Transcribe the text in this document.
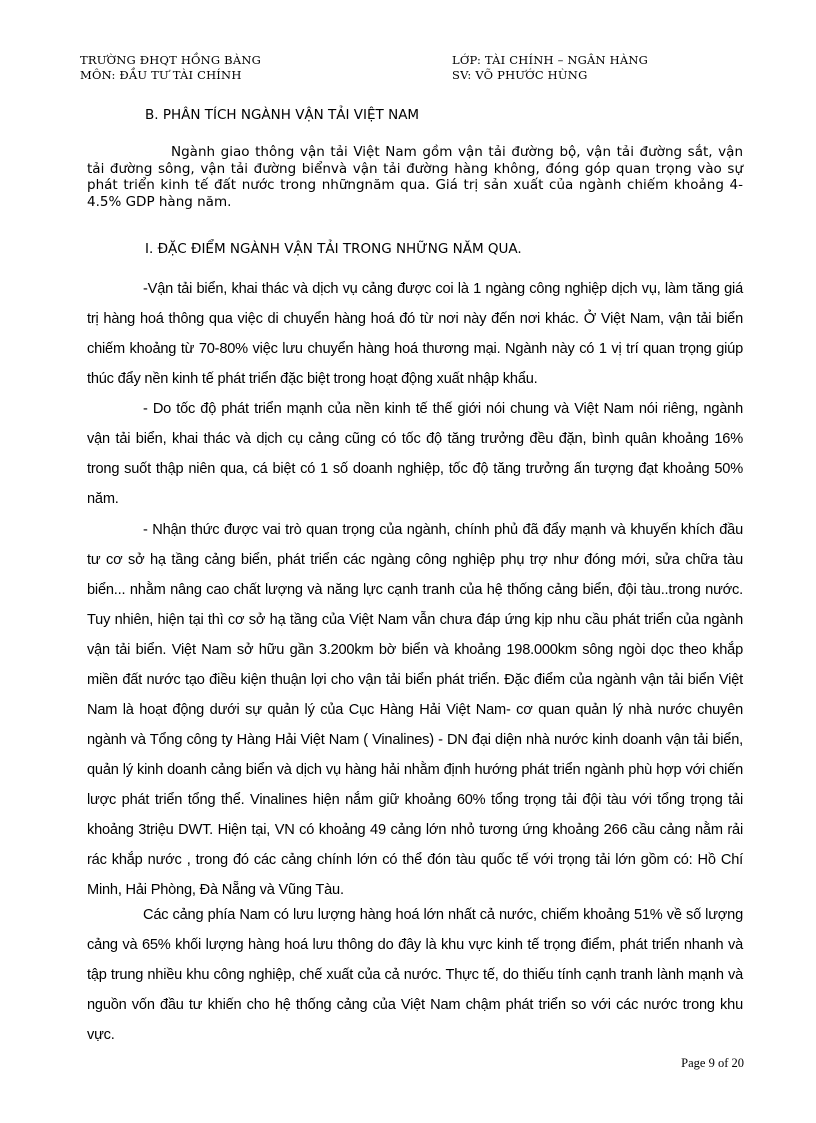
TRƯỜNG ĐHQT HỒNG BÀNG
MÔN: ĐẦU TƯ TÀI CHÍNH
LỚP: TÀI CHÍNH – NGÂN HÀNG
SV: VÕ PHƯỚC HÙNG
B. PHÂN TÍCH NGÀNH VẬN TẢI VIỆT NAM

Ngành giao thông vận tải Việt Nam gồm vận tải đường bộ, vận tải đường sắt, vận tải đường sông, vận tải đường biểnvà vận tải đường hàng không, đóng góp quan trọng vào sự phát triển kinh tế đất nước trong nhữngnăm qua. Giá trị sản xuất của ngành chiếm khoảng 4- 4.5% GDP hàng năm.

I. ĐẶC ĐIỂM NGÀNH VẬN TẢI TRONG NHỮNG NĂM QUA.

-Vận tải biển, khai thác và dịch vụ cảng được coi là 1 ngàng công nghiệp dịch vụ, làm tăng giá trị hàng hoá thông qua việc di chuyển hàng hoá đó từ nơi này đến nơi khác. Ở Việt Nam, vận tải biển chiếm khoảng từ 70-80% việc lưu chuyển hàng hoá thương mại. Ngành này có 1 vị trí quan trọng giúp thúc đẩy nền kinh tế phát triển đặc biệt trong hoạt động xuất nhập khẩu.

- Do tốc độ phát triển mạnh của nền kinh tế thế giới nói chung và Việt Nam nói riêng, ngành vận tải biển, khai thác và dịch cụ cảng cũng có tốc độ tăng trưởng đều đặn, bình quân khoảng 16% trong suốt thập niên qua, cá biệt có 1 số doanh nghiệp, tốc độ tăng trưởng ấn tượng đạt khoảng 50% năm.

- Nhận thức được vai trò quan trọng của ngành, chính phủ đã đẩy mạnh và khuyến khích đầu tư cơ sở hạ tầng cảng biển, phát triển các ngàng công nghiệp phụ trợ như đóng mới, sửa chữa tàu biển... nhằm nâng cao chất lượng và năng lực cạnh tranh của hệ thống cảng biển, đội tàu..trong nước. Tuy nhiên, hiện tại thì cơ sở hạ tầng của Việt Nam vẫn chưa đáp ứng kịp nhu cầu phát triển của ngành vận tải biển. Việt Nam sở hữu gần 3.200km bờ biển và khoảng 198.000km sông ngòi dọc theo khắp miền đất nước tạo điều kiện thuận lợi cho vận tải biển phát triển. Đặc điểm của ngành vận tải biển Việt Nam là hoạt động dưới sự quản lý của Cục Hàng Hải Việt Nam- cơ quan quản lý nhà nước chuyên ngành và Tổng công ty Hàng Hải Việt Nam ( Vinalines) - DN đại diện nhà nước kinh doanh vận tải biển, quản lý kinh doanh cảng biển và dịch vụ hàng hải nhằm định hướng phát triển ngành phù hợp với chiến lược phát triển tổng thể. Vinalines hiện nắm giữ khoảng 60% tổng trọng tải đội tàu với tổng trọng tải khoảng 3triệu DWT. Hiện tại, VN có khoảng 49 cảng lớn nhỏ tương ứng khoảng 266 cầu cảng nằm rải rác khắp nước , trong đó các cảng chính lớn có thể đón tàu quốc tế với trọng tải lớn gồm có: Hồ Chí Minh, Hải Phòng, Đà Nẵng và Vũng Tàu.

Các cảng phía Nam có lưu lượng hàng hoá lớn nhất cả nước, chiếm khoảng 51% về số lượng cảng và 65% khối lượng hàng hoá lưu thông do đây là khu vực kinh tế trọng điểm, phát triển nhanh và tập trung nhiều khu công nghiệp, chế xuất của cả nước. Thực tế, do thiếu tính cạnh tranh lành mạnh và nguồn vốn đầu tư khiến cho hệ thống cảng của Việt Nam chậm phát triển so với các nước trong khu vực.

Page 9 of 20
